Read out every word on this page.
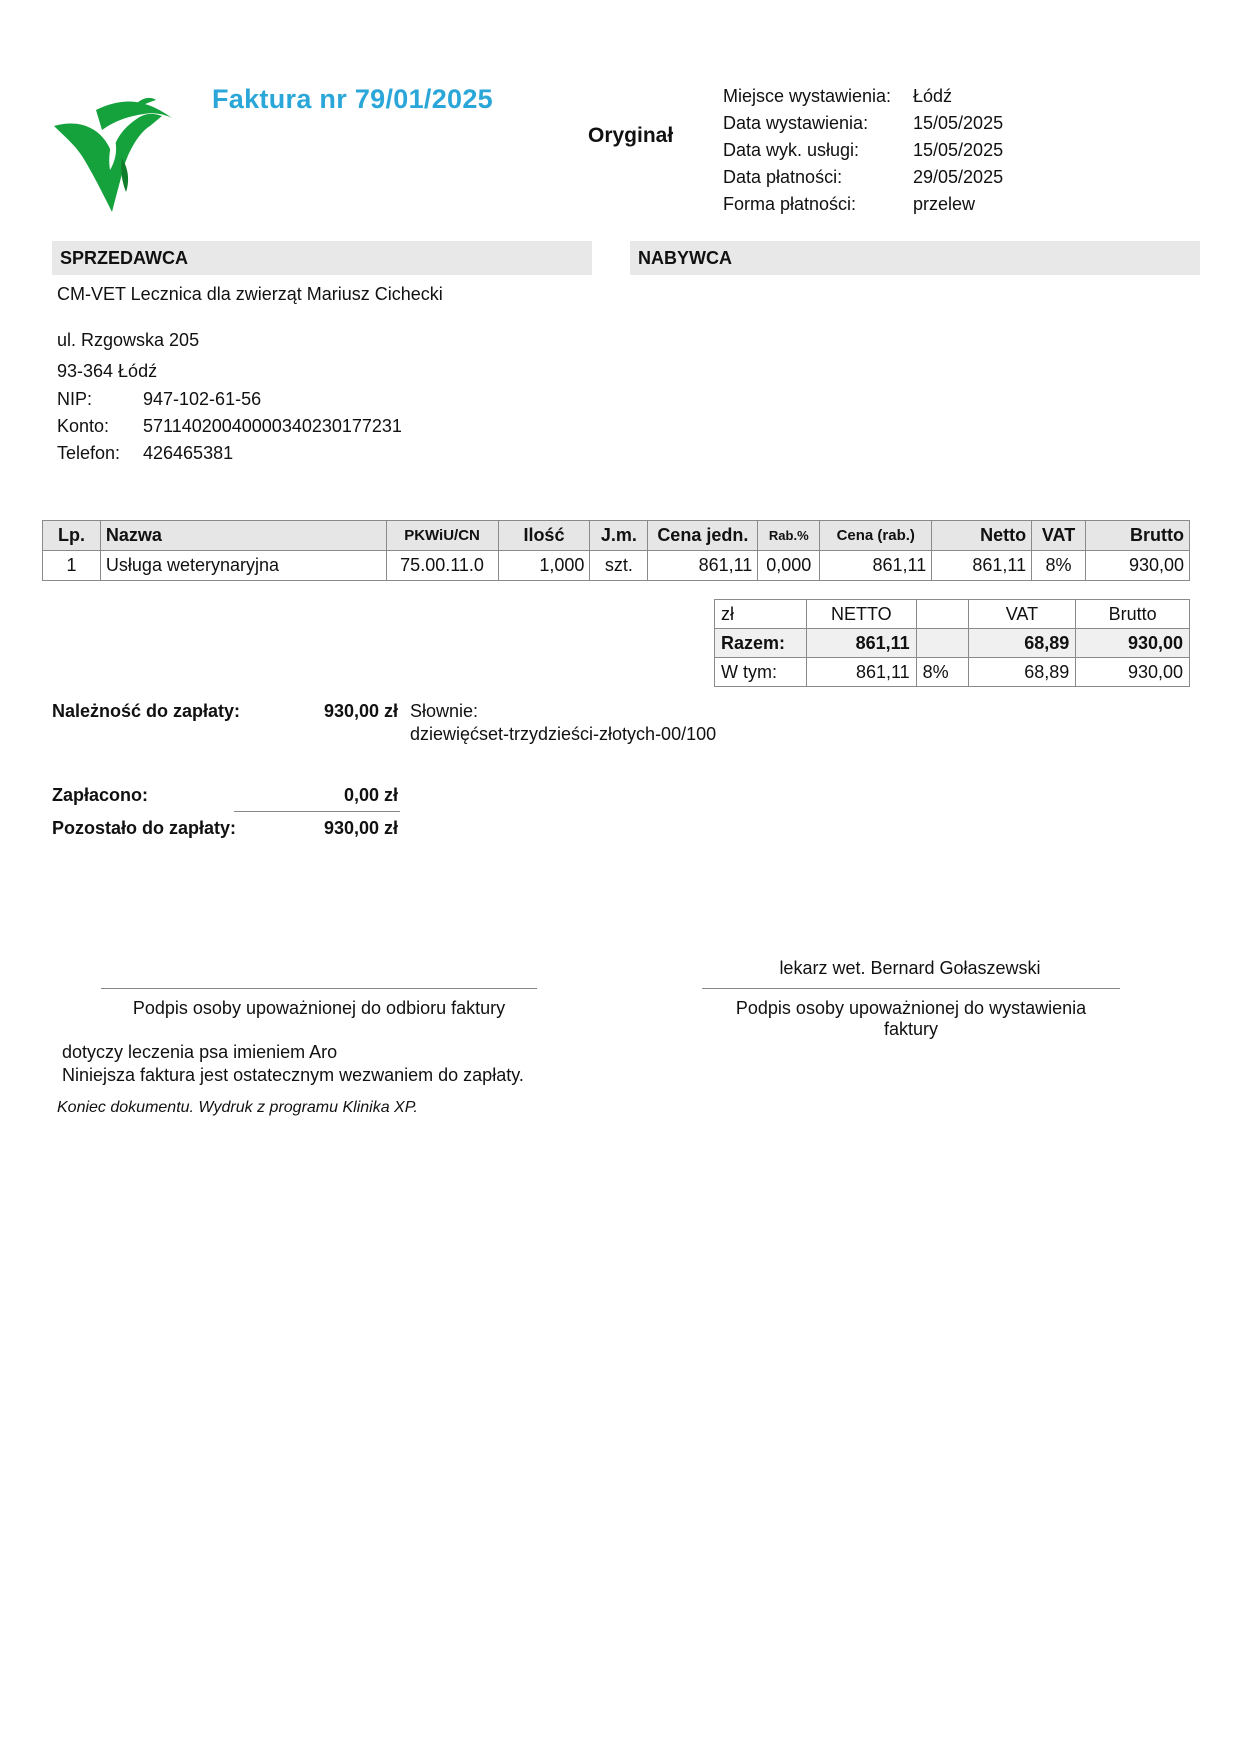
Faktura nr 79/01/2025
Oryginał
Miejsce wystawienia:	Łódź
Data wystawienia:	15/05/2025
Data wyk. usługi:	15/05/2025
Data płatności:	29/05/2025
Forma płatności:	przelew
SPRZEDAWCA	NABYWCA
CM-VET Lecznica dla zwierząt Mariusz Cichecki
ul. Rzgowska 205
93-364 Łódź
NIP:	947-102-61-56
Konto:	57114020040000340230177231
Telefon:	426465381
Lp.	Nazwa	PKWiU/CN	Ilość	J.m.	Cena jedn.	Rab.%	Cena (rab.)	Netto	VAT	Brutto
1	Usługa weterynaryjna	75.00.11.0	1,000	szt.	861,11	0,000	861,11	861,11	8%	930,00
zł	NETTO		VAT	Brutto
Razem:	861,11		68,89	930,00
W tym:	861,11	8%	68,89	930,00
Należność do zapłaty:	930,00 zł Słownie:
dziewięćset-trzydzieści-złotych-00/100
Zapłacono:	0,00 zł
Pozostało do zapłaty:	930,00 zł
lekarz wet. Bernard Gołaszewski
Podpis osoby upoważnionej do odbioru faktury	Podpis osoby upoważnionej do wystawienia
faktury
dotyczy leczenia psa imieniem Aro
Niniejsza faktura jest ostatecznym wezwaniem do zapłaty.
Koniec dokumentu. Wydruk z programu Klinika XP.
